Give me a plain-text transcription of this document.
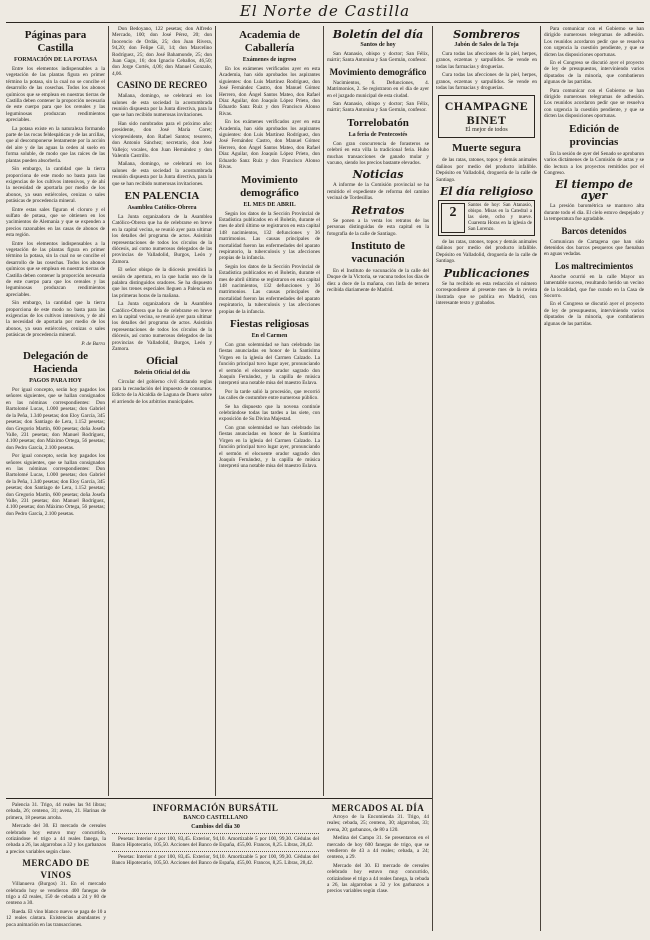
El Norte de Castilla
Páginas para Castilla
FORMACIÓN DE LA POTASA

Entre los elementos indispensables a la vegetación de las plantas figura en primer término la potasa, sin la cual no se concibe el desarrollo de las cosechas. Todos los abonos químicos que se emplean en nuestras tierras de Castilla deben contener la proporción necesaria de este cuerpo para que los cereales y las leguminosas produzcan rendimientos apreciables.

La potasa existe en la naturaleza formando parte de las rocas feldespáticas y de las arcillas, que al descomponerse lentamente por la acción del aire y de las aguas la ceden al suelo en forma soluble, de modo que las raíces de las plantas pueden absorberla.

Sin embargo, la cantidad que la tierra proporciona de este modo no basta para las exigencias de los cultivos intensivos, y de ahí la necesidad de aportarla por medio de los abonos, ya sean estiércoles, cenizas o sales potásicas de procedencia mineral.

Entre estas sales figuran el cloruro y el sulfato de potasa, que se obtienen en los yacimientos de Alemania y que se expenden a precios razonables en las casas de abonos de esta región.

Entre los elementos indispensables a la vegetación de las plantas figura en primer término la potasa, sin la cual no se concibe el desarrollo de las cosechas. Todos los abonos químicos que se emplean en nuestras tierras de Castilla deben contener la proporción necesaria de este cuerpo para que los cereales y las leguminosas produzcan rendimientos apreciables.

Sin embargo, la cantidad que la tierra proporciona de este modo no basta para las exigencias de los cultivos intensivos, y de ahí la necesidad de aportarla por medio de los abonos, ya sean estiércoles, cenizas o sales potásicas de procedencia mineral.

P. de Barra
Delegación de Hacienda
PAGOS PARA HOY

Por igual concepto, serán hoy pagados los señores siguientes, que se hallan consignados en las nóminas correspondientes: Don Bartolomé Lucas, 1.000 pesetas; don Gabriel de la Peña, 1.340 pesetas; don Eloy García, 345 pesetas; don Santiago de Lera, 1.152 pesetas; don Gregorio Martín, 600 pesetas; doña Josefa Valle, 231 pesetas; don Manuel Rodríguez, 4.100 pesetas; don Máximo Ortega, 56 pesetas; don Pedro García, 2.100 pesetas.

Por igual concepto, serán hoy pagados los señores siguientes, que se hallan consignados en las nóminas correspondientes: Don Bartolomé Lucas, 1.000 pesetas; don Gabriel de la Peña, 1.340 pesetas; don Eloy García, 345 pesetas; don Santiago de Lera, 1.152 pesetas; don Gregorio Martín, 600 pesetas; doña Josefa Valle, 231 pesetas; don Manuel Rodríguez, 4.100 pesetas; don Máximo Ortega, 56 pesetas; don Pedro García, 2.100 pesetas.

Don Bedoyano, 122 pesetas; don Alfredo Mercado, 100; don José Pérez, 20; don Inocencio de Ordás, 25; don Juan Rivera, 94,20; don Felipe Gil, 14; don Marcelino Rodríguez, 25; don José Bahamonde, 25; don Juan Gago, 16; don Ignacio Ceballos, 46,50; don Jorge Cortés, 4,06; don Manuel Gonzalo, 4,06.

CASINO DE RECREO

Mañana, domingo, se celebrará en los salones de esta sociedad la acostumbrada reunión dispuesta por la Junta directiva, para la que se han recibido numerosas invitaciones.

Han sido nombrados para el próximo año: presidente, don José María Coret; vicepresidente, don Rafael Santos; tesorero, don Antonio Sánchez; secretario, don José Vallejo; vocales, don Juan Hernández y don Valentín Castrillo.

Mañana, domingo, se celebrará en los salones de esta sociedad la acostumbrada reunión dispuesta por la Junta directiva, para la que se han recibido numerosas invitaciones.

EN PALENCIA
Asamblea Católico-Obrera

La Junta organizadora de la Asamblea Católico-Obrera que ha de celebrarse en breve en la capital vecina, se reunió ayer para ultimar los detalles del programa de actos. Asistirán representaciones de todos los círculos de la diócesis, así como numerosos delegados de las provincias de Valladolid, Burgos, León y Zamora.

El señor obispo de la diócesis presidirá la sesión de apertura, en la que harán uso de la palabra distinguidos oradores. Se ha dispuesto que los trenes especiales lleguen a Palencia en las primeras horas de la mañana.

La Junta organizadora de la Asamblea Católico-Obrera que ha de celebrarse en breve en la capital vecina, se reunió ayer para ultimar los detalles del programa de actos. Asistirán representaciones de todos los círculos de la diócesis, así como numerosos delegados de las provincias de Valladolid, Burgos, León y Zamora.

Oficial
Boletín Oficial del día

Circular del gobierno civil dictando reglas para la recaudación del impuesto de consumos. Edicto de la Alcaldía de Laguna de Duero sobre el arriendo de los arbitrios municipales.

Academia de Caballería
Exámenes de ingreso

En los exámenes verificados ayer en esta Academia, han sido aprobados los aspirantes siguientes: don Luis Martínez Rodríguez, don José Fernández Castro, don Manuel Gómez Herrero, don Ángel Santos Mateo, don Rafael Díaz Aguilar, don Joaquín López Prieto, don Eduardo Sanz Ruiz y don Francisco Alonso Rivas.

En los exámenes verificados ayer en esta Academia, han sido aprobados los aspirantes siguientes: don Luis Martínez Rodríguez, don José Fernández Castro, don Manuel Gómez Herrero, don Ángel Santos Mateo, don Rafael Díaz Aguilar, don Joaquín López Prieto, don Eduardo Sanz Ruiz y don Francisco Alonso Rivas.

Movimiento demográfico
EL MES DE ABRIL

Según los datos de la Sección Provincial de Estadística publicados en el Boletín, durante el mes de abril último se registraron en esta capital 148 nacimientos, 132 defunciones y 36 matrimonios. Las causas principales de mortalidad fueron las enfermedades del aparato respiratorio, la tuberculosis y las afecciones propias de la infancia.

Según los datos de la Sección Provincial de Estadística publicados en el Boletín, durante el mes de abril último se registraron en esta capital 148 nacimientos, 132 defunciones y 36 matrimonios. Las causas principales de mortalidad fueron las enfermedades del aparato respiratorio, la tuberculosis y las afecciones propias de la infancia.

Fiestas religiosas
En el Carmen

Con gran solemnidad se han celebrado las fiestas anunciadas en honor de la Santísima Virgen en la iglesia del Carmen Calzado. La función principal tuvo lugar ayer, pronunciando el sermón el elocuente orador sagrado don Joaquín Fernández, y la capilla de música interpretó una notable misa del maestro Eslava.

Por la tarde salió la procesión, que recorrió las calles de costumbre entre numeroso público.

Se ha dispuesto que la novena continúe celebrándose todas las tardes a las siete, con exposición de Su Divina Majestad.

Con gran solemnidad se han celebrado las fiestas anunciadas en honor de la Santísima Virgen en la iglesia del Carmen Calzado. La función principal tuvo lugar ayer, pronunciando el sermón el elocuente orador sagrado don Joaquín Fernández, y la capilla de música interpretó una notable misa del maestro Eslava.

Boletín del día
Santos de hoy

San Atanasio, obispo y doctor; San Félix, mártir; Santa Antonina y San Germán, confesor.

Movimiento demográfico

Nacimientos, 6. Defunciones, 4. Matrimonios, 2. Se registraron en el día de ayer en el juzgado municipal de esta ciudad.

San Atanasio, obispo y doctor; San Félix, mártir; Santa Antonina y San Germán, confesor.

Torrelobatón
La feria de Pentecostés

Con gran concurrencia de forasteros se celebró en esta villa la tradicional feria. Hubo muchas transacciones de ganado mular y vacuno, siendo los precios bastante elevados.

Noticias

A informe de la Comisión provincial se ha remitido el expediente de reforma del camino vecinal de Tordesillas.

Retratos

Se ponen a la venta los retratos de las personas distinguidas de esta capital en la fotografía de la calle de Santiago.

Instituto de vacunación

En el Instituto de vacunación de la calle del Duque de la Victoria, se vacuna todos los días de diez a doce de la mañana, con linfa de ternera recibida diariamente de Madrid.

Sombreros
Jabón de Sales de la Toja

Cura todas las afecciones de la piel, herpes, granos, eczemas y sarpullidos. Se vende en todas las farmacias y droguerías.

Cura todas las afecciones de la piel, herpes, granos, eczemas y sarpullidos. Se vende en todas las farmacias y droguerías.

CHAMPAGNE BINET
El mejor de todos
Muerte segura

de las ratas, ratones, topos y demás animales dañinos por medio del producto infalible. Depósito en Valladolid, droguería de la calle de Santiago.

El día religioso
2	Santos de hoy: San Atanasio, obispo. Misas en la Catedral a las siete, ocho y nueve. Cuarenta Horas en la iglesia de San Lorenzo.

de las ratas, ratones, topos y demás animales dañinos por medio del producto infalible. Depósito en Valladolid, droguería de la calle de Santiago.

Publicaciones

Se ha recibido en esta redacción el número correspondiente al presente mes de la revista ilustrada que se publica en Madrid, con interesante texto y grabados.

Para comunicar con el Gobierno se han dirigido numerosos telegramas de adhesión. Los reunidos acordaron pedir que se resuelva con urgencia la cuestión pendiente, y que se dicten las disposiciones oportunas.

En el Congreso se discutió ayer el proyecto de ley de presupuestos, interviniendo varios diputados de la minoría, que combatieron algunas de las partidas.

Para comunicar con el Gobierno se han dirigido numerosos telegramas de adhesión. Los reunidos acordaron pedir que se resuelva con urgencia la cuestión pendiente, y que se dicten las disposiciones oportunas.

Edición de provincias

En la sesión de ayer del Senado se aprobaron varios dictámenes de la Comisión de actas y se dio lectura a los proyectos remitidos por el Congreso.

El tiempo de ayer

La presión barométrica se mantuvo alta durante todo el día. El cielo estuvo despejado y la temperatura fue agradable.

Barcos detenidos

Comunican de Cartagena que han sido detenidos dos barcos pesqueros que faenaban en aguas vedadas.

Los maltrecimientos

Anoche ocurrió en la calle Mayor un lamentable suceso, resultando herido un vecino de la localidad, que fue curado en la Casa de Socorro.

En el Congreso se discutió ayer el proyecto de ley de presupuestos, interviniendo varios diputados de la minoría, que combatieron algunas de las partidas.

Palencia 31. Trigo, 44 reales las 94 libras; cebada, 26; centeno, 31; avena, 21. Harinas de primera, 18 pesetas arroba.

Mercado del 30. El mercado de cereales celebrado hoy estuvo muy concurrido, cotizándose el trigo a 44 reales fanega, la cebada a 26, las algarrobas a 32 y los garbanzos a precios variables según clase.

MERCADO DE VINOS

Villanueva (Burgos) 31. En el mercado celebrado hoy se vendieron 400 fanegas de trigo a 42 reales, 150 de cebada a 24 y 80 de centeno a 30.

Rueda. El vino blanco nuevo se paga de 10 a 12 reales cántara. Existencias abundantes y poca animación en las transacciones.

INFORMACIÓN BURSÁTIL
BANCO CASTELLANO
Cambios del día 30

Pesetas: Interior 4 por 100, 83,45. Exterior, 94,10. Amortizable 5 por 100, 99,30. Cédulas del Banco Hipotecario, 105,50. Acciones del Banco de España, 455,00. Francos, 8,25. Libras, 28,42.

Pesetas: Interior 4 por 100, 83,45. Exterior, 94,10. Amortizable 5 por 100, 99,30. Cédulas del Banco Hipotecario, 105,50. Acciones del Banco de España, 455,00. Francos, 8,25. Libras, 28,42.

MERCADOS AL DÍA

Arroyo de la Encomienda 31. Trigo, 44 reales; cebada, 25; centeno, 30; algarrobas, 33; avena, 20; garbanzos, de 80 a 120.

Medina del Campo 31. Se presentaron en el mercado de hoy 600 fanegas de trigo, que se vendieron de 43 a 44 reales; cebada, a 24; centeno, a 29.

Mercado del 30. El mercado de cereales celebrado hoy estuvo muy concurrido, cotizándose el trigo a 44 reales fanega, la cebada a 26, las algarrobas a 32 y los garbanzos a precios variables según clase.
